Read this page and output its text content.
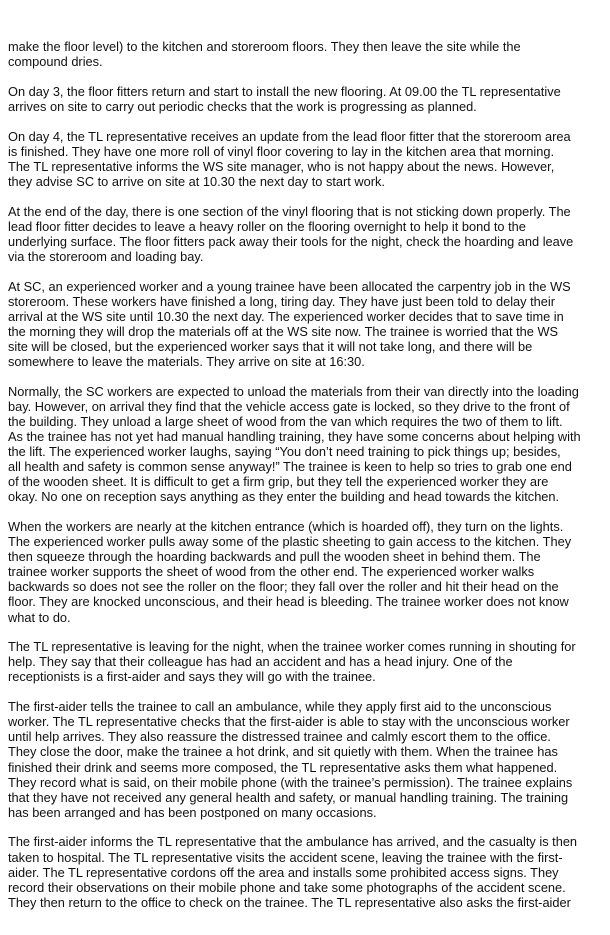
make the floor level) to the kitchen and storeroom floors. They then leave the site while the
compound dries.

On day 3, the floor fitters return and start to install the new flooring. At 09.00 the TL representative
arrives on site to carry out periodic checks that the work is progressing as planned.

On day 4, the TL representative receives an update from the lead floor fitter that the storeroom area
is finished. They have one more roll of vinyl floor covering to lay in the kitchen area that morning.
The TL representative informs the WS site manager, who is not happy about the news. However,
they advise SC to arrive on site at 10.30 the next day to start work.

At the end of the day, there is one section of the vinyl flooring that is not sticking down properly. The
lead floor fitter decides to leave a heavy roller on the flooring overnight to help it bond to the
underlying surface. The floor fitters pack away their tools for the night, check the hoarding and leave
via the storeroom and loading bay.

At SC, an experienced worker and a young trainee have been allocated the carpentry job in the WS
storeroom. These workers have finished a long, tiring day. They have just been told to delay their
arrival at the WS site until 10.30 the next day. The experienced worker decides that to save time in
the morning they will drop the materials off at the WS site now. The trainee is worried that the WS
site will be closed, but the experienced worker says that it will not take long, and there will be
somewhere to leave the materials. They arrive on site at 16:30.

Normally, the SC workers are expected to unload the materials from their van directly into the loading
bay. However, on arrival they find that the vehicle access gate is locked, so they drive to the front of
the building. They unload a large sheet of wood from the van which requires the two of them to lift.
As the trainee has not yet had manual handling training, they have some concerns about helping with
the lift. The experienced worker laughs, saying “You don’t need training to pick things up; besides,
all health and safety is common sense anyway!” The trainee is keen to help so tries to grab one end
of the wooden sheet. It is difficult to get a firm grip, but they tell the experienced worker they are
okay. No one on reception says anything as they enter the building and head towards the kitchen.

When the workers are nearly at the kitchen entrance (which is hoarded off), they turn on the lights.
The experienced worker pulls away some of the plastic sheeting to gain access to the kitchen. They
then squeeze through the hoarding backwards and pull the wooden sheet in behind them. The
trainee worker supports the sheet of wood from the other end. The experienced worker walks
backwards so does not see the roller on the floor; they fall over the roller and hit their head on the
floor. They are knocked unconscious, and their head is bleeding. The trainee worker does not know
what to do.

The TL representative is leaving for the night, when the trainee worker comes running in shouting for
help. They say that their colleague has had an accident and has a head injury. One of the
receptionists is a first-aider and says they will go with the trainee.

The first-aider tells the trainee to call an ambulance, while they apply first aid to the unconscious
worker. The TL representative checks that the first-aider is able to stay with the unconscious worker
until help arrives. They also reassure the distressed trainee and calmly escort them to the office.
They close the door, make the trainee a hot drink, and sit quietly with them. When the trainee has
finished their drink and seems more composed, the TL representative asks them what happened.
They record what is said, on their mobile phone (with the trainee’s permission). The trainee explains
that they have not received any general health and safety, or manual handling training. The training
has been arranged and has been postponed on many occasions.

The first-aider informs the TL representative that the ambulance has arrived, and the casualty is then
taken to hospital. The TL representative visits the accident scene, leaving the trainee with the first-
aider. The TL representative cordons off the area and installs some prohibited access signs. They
record their observations on their mobile phone and take some photographs of the accident scene.
They then return to the office to check on the trainee. The TL representative also asks the first-aider
